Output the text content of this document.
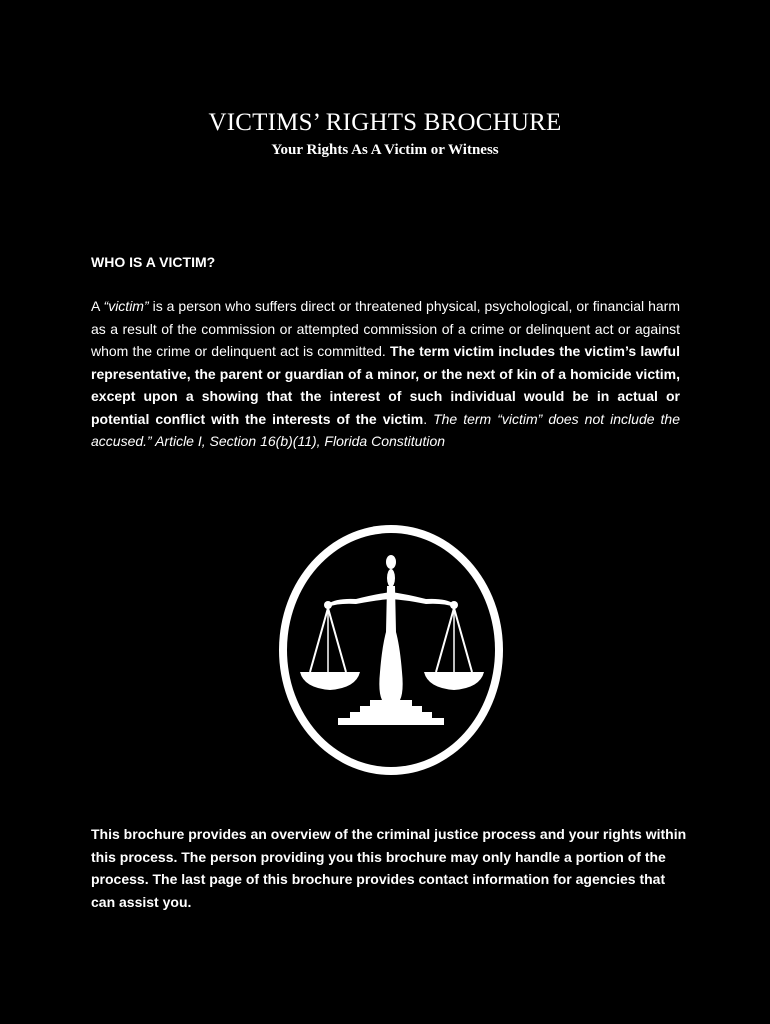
VICTIMS’ RIGHTS BROCHURE
Your Rights As A Victim or Witness
WHO IS A VICTIM?

A “victim” is a person who suffers direct or threatened physical, psychological, or financial harm as a result of the commission or attempted commission of a crime or delinquent act or against whom the crime or delinquent act is committed. The term victim includes the victim’s lawful representative, the parent or guardian of a minor, or the next of kin of a homicide victim, except upon a showing that the interest of such individual would be in actual or potential conflict with the interests of the victim. The term “victim” does not include the accused.” Article I, Section 16(b)(11), Florida Constitution

This brochure provides an overview of the criminal justice process and your rights within this process. The person providing you this brochure may only handle a portion of the process. The last page of this brochure provides contact information for agencies that can assist you.
